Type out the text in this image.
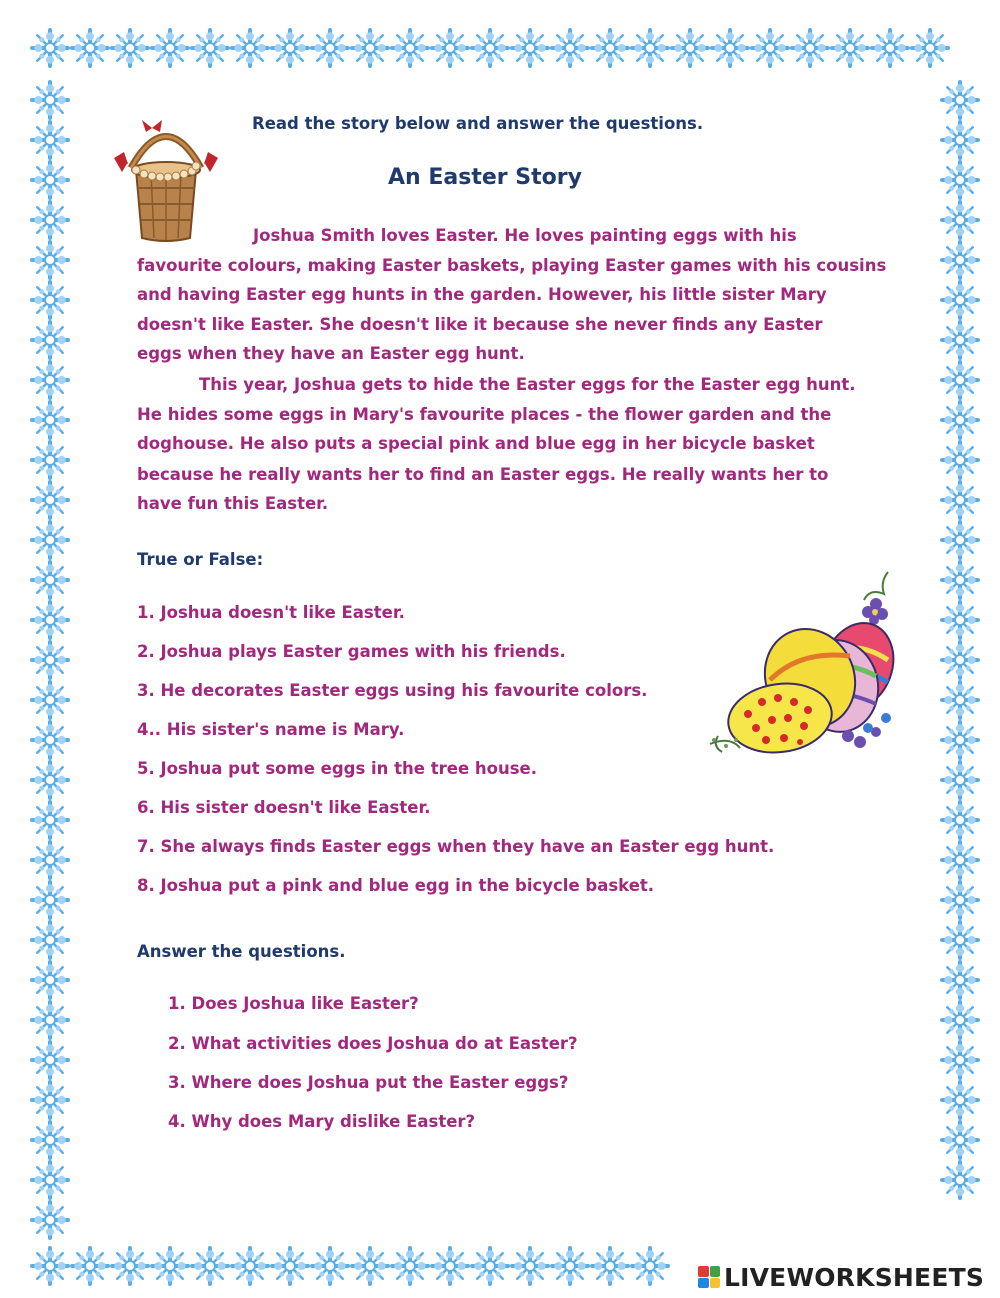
Read the story below and answer the questions.
An Easter Story
Joshua Smith loves Easter. He loves painting eggs with his
favourite colours, making Easter baskets, playing Easter games with his cousins
and having Easter egg hunts in the garden. However, his little sister Mary
doesn't like Easter. She doesn't like it because she never finds any Easter
eggs when they have an Easter egg hunt.
This year, Joshua gets to hide the Easter eggs for the Easter egg hunt.
He hides some eggs in Mary's favourite places - the flower garden and the
doghouse. He also puts a special pink and blue egg in her bicycle basket
because he really wants her to find an Easter eggs. He really wants her to
have fun this Easter.
True or False:
1. Joshua doesn't like Easter.
2. Joshua plays Easter games with his friends.
3. He decorates Easter eggs using his favourite colors.
4.. His sister's name is Mary.
5. Joshua put some eggs in the tree house.
6. His sister doesn't like Easter.
7. She always finds Easter eggs when they have an Easter egg hunt.
8. Joshua put a pink and blue egg in the bicycle basket.
Answer the questions.
1. Does Joshua like Easter?
2. What activities does Joshua do at Easter?
3. Where does Joshua put the Easter eggs?
4. Why does Mary dislike Easter?
LIVEWORKSHEETS
